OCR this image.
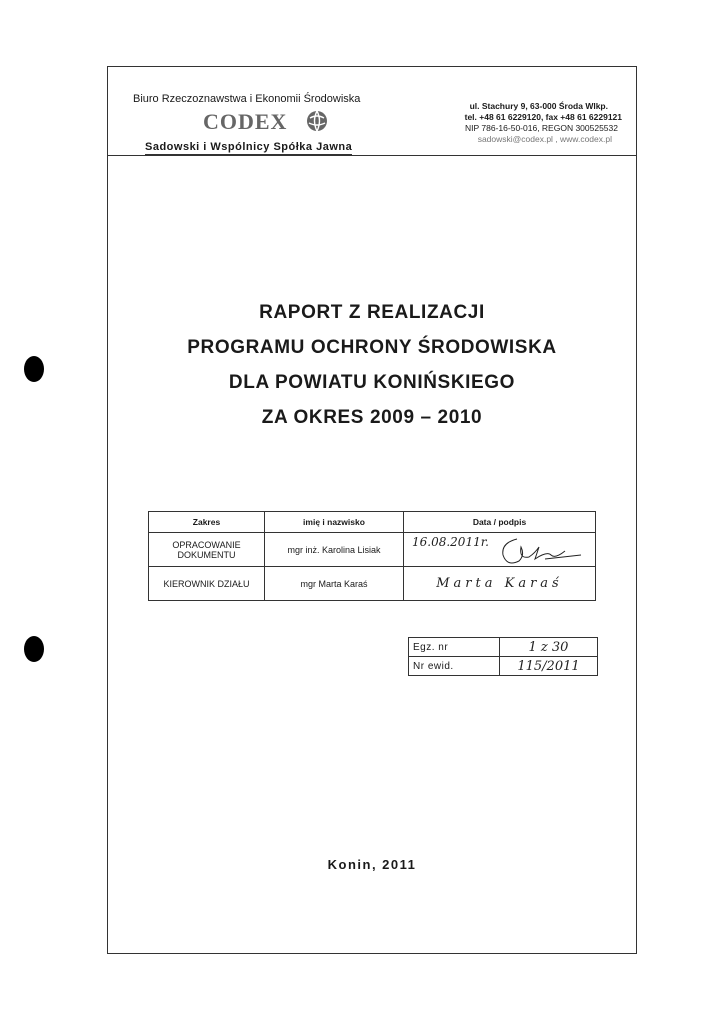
Biuro Rzeczoznawstwa i Ekonomii Środowiska
CODEX
Sadowski i Wspólnicy Spółka Jawna
ul. Stachury 9, 63-000 Środa Wlkp.
tel. +48 61 6229120, fax +48 61 6229121
NIP 786-16-50-016, REGON 300525532
sadowski@codex.pl , www.codex.pl
RAPORT Z REALIZACJI
PROGRAMU OCHRONY ŚRODOWISKA
DLA POWIATU KONIŃSKIEGO
ZA OKRES 2009 – 2010
Zakres	imię i nazwisko	Data / podpis
OPRACOWANIE DOKUMENTU	mgr inż. Karolina Lisiak	16.08.2011r.

KIEROWNIK DZIAŁU	mgr Marta Karaś	Marta Karaś
Egz. nr	1 z 30
Nr ewid.	115/2011
Konin, 2011
